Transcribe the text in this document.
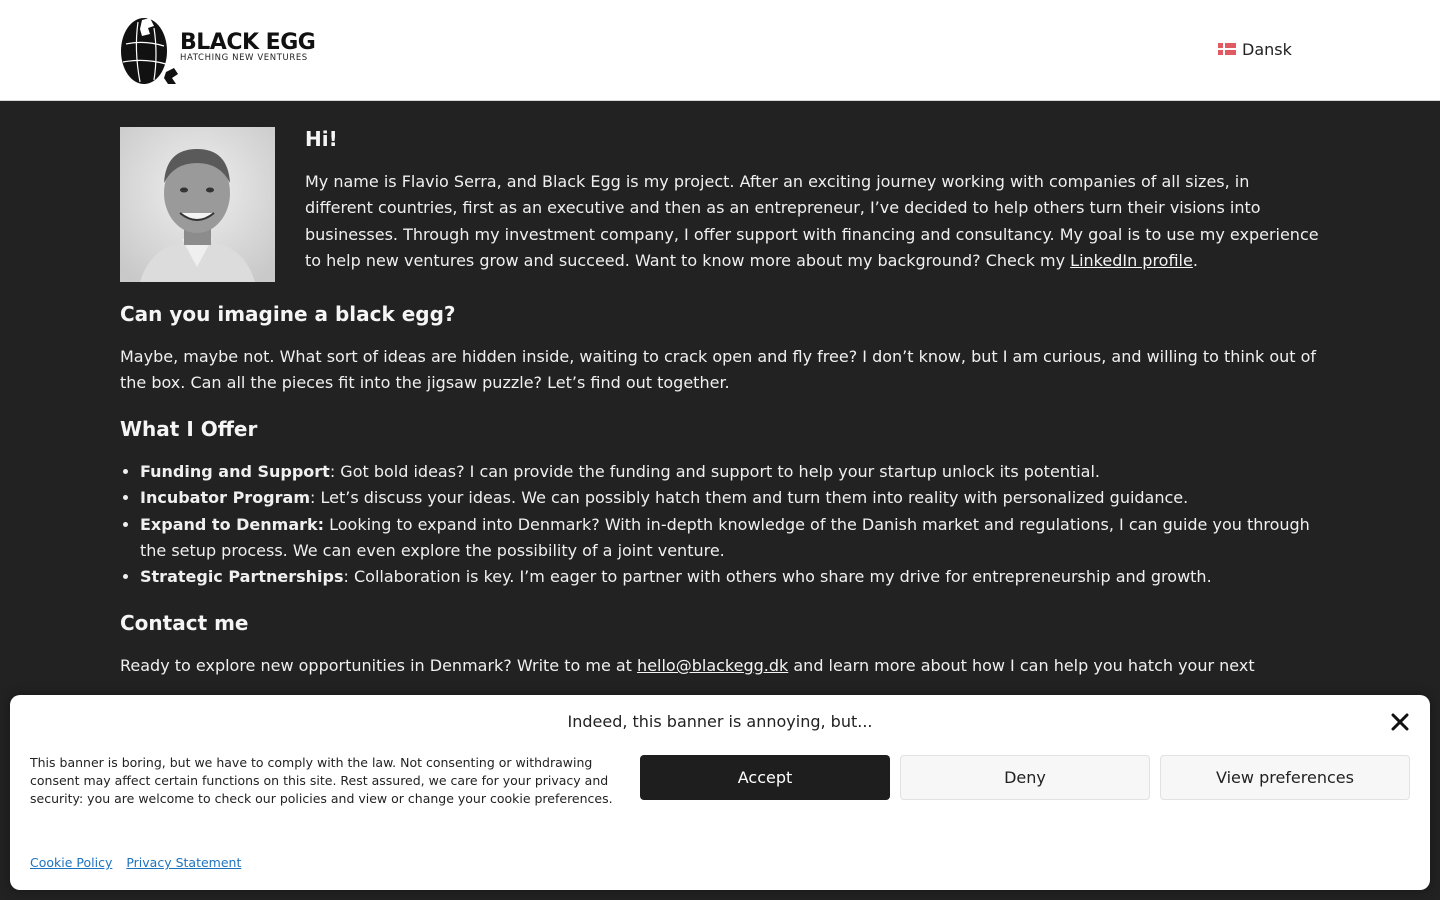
BLACK EGG
HATCHING NEW VENTURES	Dansk
Hi!

My name is Flavio Serra, and Black Egg is my project. After an exciting journey working with companies of all sizes, in different countries, first as an executive and then as an entrepreneur, I’ve decided to help others turn their visions into businesses. Through my investment company, I offer support with financing and consultancy. My goal is to use my experience to help new ventures grow and succeed. Want to know more about my background? Check my LinkedIn profile.

Can you imagine a black egg?

Maybe, maybe not. What sort of ideas are hidden inside, waiting to crack open and fly free? I don’t know, but I am curious, and willing to think out of the box. Can all the pieces fit into the jigsaw puzzle? Let’s find out together.

What I Offer
• Funding and Support: Got bold ideas? I can provide the funding and support to help your startup unlock its potential.
• Incubator Program: Let’s discuss your ideas. We can possibly hatch them and turn them into reality with personalized guidance.
• Expand to Denmark: Looking to expand into Denmark? With in-depth knowledge of the Danish market and regulations, I can guide you through the setup process. We can even explore the possibility of a joint venture.
• Strategic Partnerships: Collaboration is key. I’m eager to partner with others who share my drive for entrepreneurship and growth.
Contact me

Ready to explore new opportunities in Denmark? Write to me at hello@blackegg.dk and learn more about how I can help you hatch your next

Indeed, this banner is annoying, but...
This banner is boring, but we have to comply with the law. Not consenting or withdrawing consent may affect certain functions on this site. Rest assured, we care for your privacy and security: you are welcome to check our policies and view or change your cookie preferences.
Accept	Deny	View preferences
Cookie Policy Privacy Statement
